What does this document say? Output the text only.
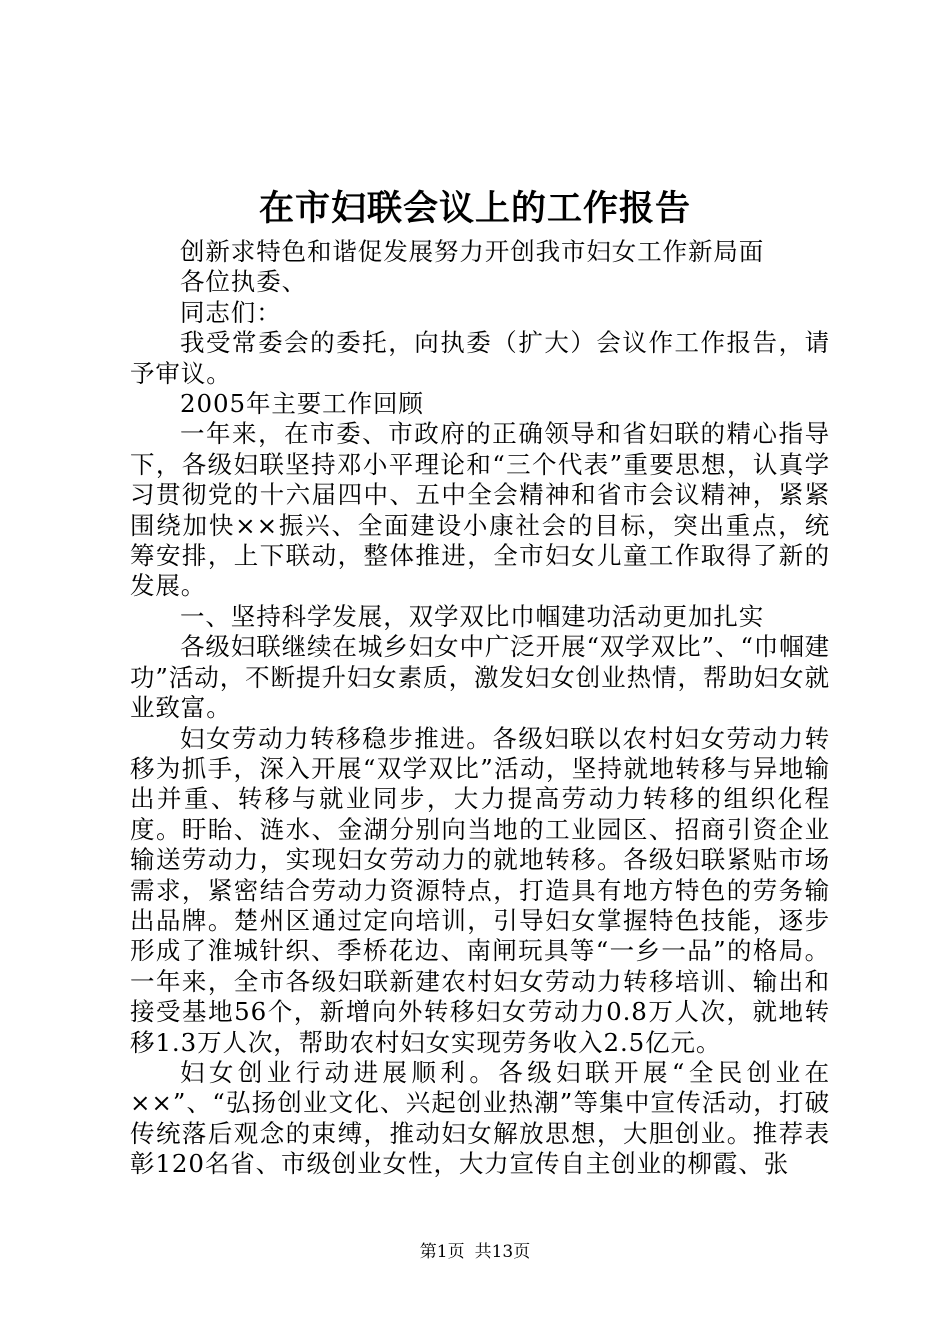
在市妇联会议上的工作报告

创新求特色和谐促发展努力开创我市妇女工作新局面

各位执委、

同志们：

我受常委会的委托，向执委（扩大）会议作工作报告，请予审议。

2005年主要工作回顾

一年来，在市委、市政府的正确领导和省妇联的精心指导下，各级妇联坚持邓小平理论和“三个代表”重要思想，认真学习贯彻党的十六届四中、五中全会精神和省市会议精神，紧紧围绕加快××振兴、全面建设小康社会的目标，突出重点，统筹安排，上下联动，整体推进，全市妇女儿童工作取得了新的发展。

一、坚持科学发展，双学双比巾帼建功活动更加扎实

各级妇联继续在城乡妇女中广泛开展“双学双比”、“巾帼建功”活动，不断提升妇女素质，激发妇女创业热情，帮助妇女就业致富。

妇女劳动力转移稳步推进。各级妇联以农村妇女劳动力转移为抓手，深入开展“双学双比”活动，坚持就地转移与异地输出并重、转移与就业同步，大力提高劳动力转移的组织化程度。盱眙、涟水、金湖分别向当地的工业园区、招商引资企业输送劳动力，实现妇女劳动力的就地转移。各级妇联紧贴市场需求，紧密结合劳动力资源特点，打造具有地方特色的劳务输出品牌。楚州区通过定向培训，引导妇女掌握特色技能，逐步形成了淮城针织、季桥花边、南闸玩具等“一乡一品”的格局。一年来，全市各级妇联新建农村妇女劳动力转移培训、输出和接受基地56个，新增向外转移妇女劳动力0.8万人次，就地转移1.3万人次，帮助农村妇女实现劳务收入2.5亿元。

妇女创业行动进展顺利。各级妇联开展“全民创业在××”、“弘扬创业文化、兴起创业热潮”等集中宣传活动，打破传统落后观念的束缚，推动妇女解放思想，大胆创业。推荐表彰120名省、市级创业女性，大力宣传自主创业的柳霞、张

第1页 共13页
